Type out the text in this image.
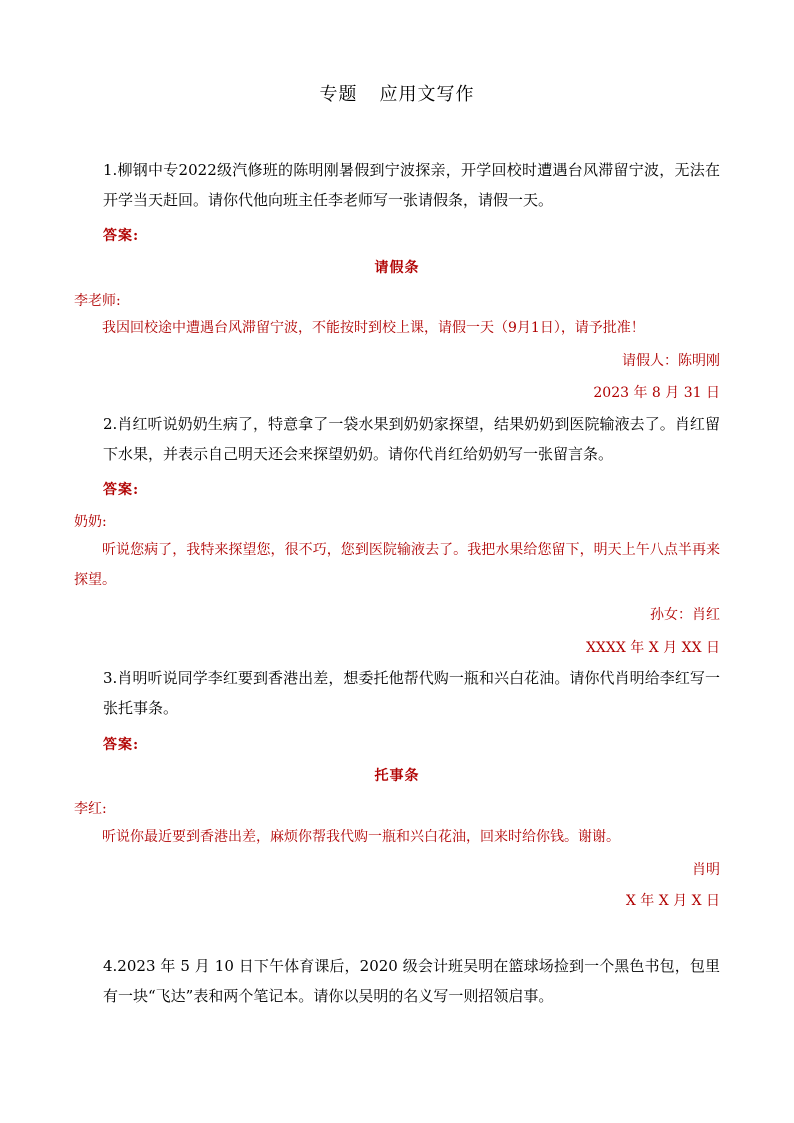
专题 应用文写作
1.柳钢中专2022级汽修班的陈明刚暑假到宁波探亲，开学回校时遭遇台风滞留宁波，无法在开学当天赶回。请你代他向班主任李老师写一张请假条，请假一天。
答案:
请假条
李老师:
我因回校途中遭遇台风滞留宁波，不能按时到校上课，请假一天（9月1日），请予批准！
请假人：陈明刚
2023 年 8 月 31 日
2.肖红听说奶奶生病了，特意拿了一袋水果到奶奶家探望，结果奶奶到医院输液去了。肖红留下水果，并表示自己明天还会来探望奶奶。请你代肖红给奶奶写一张留言条。
答案:
奶奶:
听说您病了，我特来探望您，很不巧，您到医院输液去了。我把水果给您留下，明天上午八点半再来探望。
孙女：肖红
XXXX 年 X 月 XX 日
3.肖明听说同学李红要到香港出差，想委托他帮代购一瓶和兴白花油。请你代肖明给李红写一张托事条。
答案:
托事条
李红:
听说你最近要到香港出差，麻烦你帮我代购一瓶和兴白花油，回来时给你钱。谢谢。
肖明
X 年 X 月 X 日
4.2023 年 5 月 10 日下午体育课后，2020 级会计班吴明在篮球场捡到一个黑色书包，包里有一块“飞达”表和两个笔记本。请你以吴明的名义写一则招领启事。
